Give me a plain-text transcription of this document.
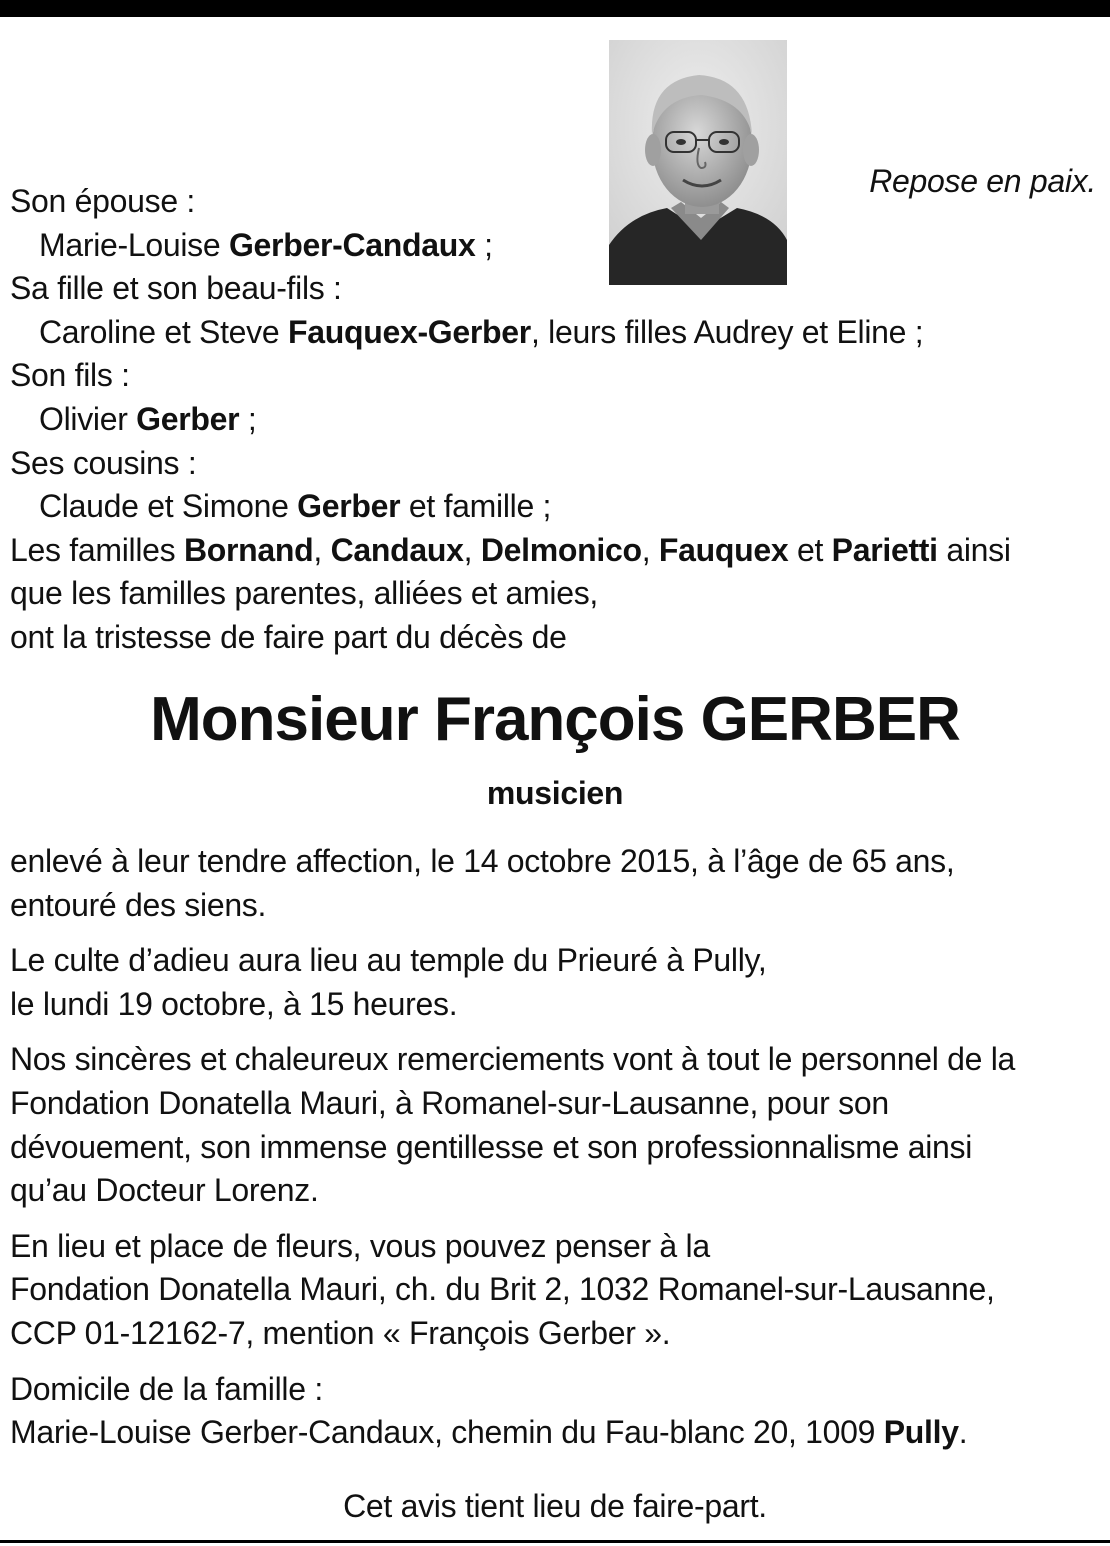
Repose en paix.
Son épouse :
Marie-Louise Gerber-Candaux ;
Sa fille et son beau-fils :
Caroline et Steve Fauquex-Gerber, leurs filles Audrey et Eline ;
Son fils :
Olivier Gerber ;
Ses cousins :
Claude et Simone Gerber et famille ;
Les familles Bornand, Candaux, Delmonico, Fauquex et Parietti ainsi
que les familles parentes, alliées et amies,
ont la tristesse de faire part du décès de
Monsieur François GERBER
musicien

enlevé à leur tendre affection, le 14 octobre 2015, à l’âge de 65 ans,
entouré des siens.

Le culte d’adieu aura lieu au temple du Prieuré à Pully,
le lundi 19 octobre, à 15 heures.

Nos sincères et chaleureux remerciements vont à tout le personnel de la
Fondation Donatella Mauri, à Romanel-sur-Lausanne, pour son
dévouement, son immense gentillesse et son professionnalisme ainsi
qu’au Docteur Lorenz.

En lieu et place de fleurs, vous pouvez penser à la
Fondation Donatella Mauri, ch. du Brit 2, 1032 Romanel-sur-Lausanne,
CCP 01-12162-7, mention « François Gerber ».

Domicile de la famille :
Marie-Louise Gerber-Candaux, chemin du Fau-blanc 20, 1009 Pully.

Cet avis tient lieu de faire-part.
